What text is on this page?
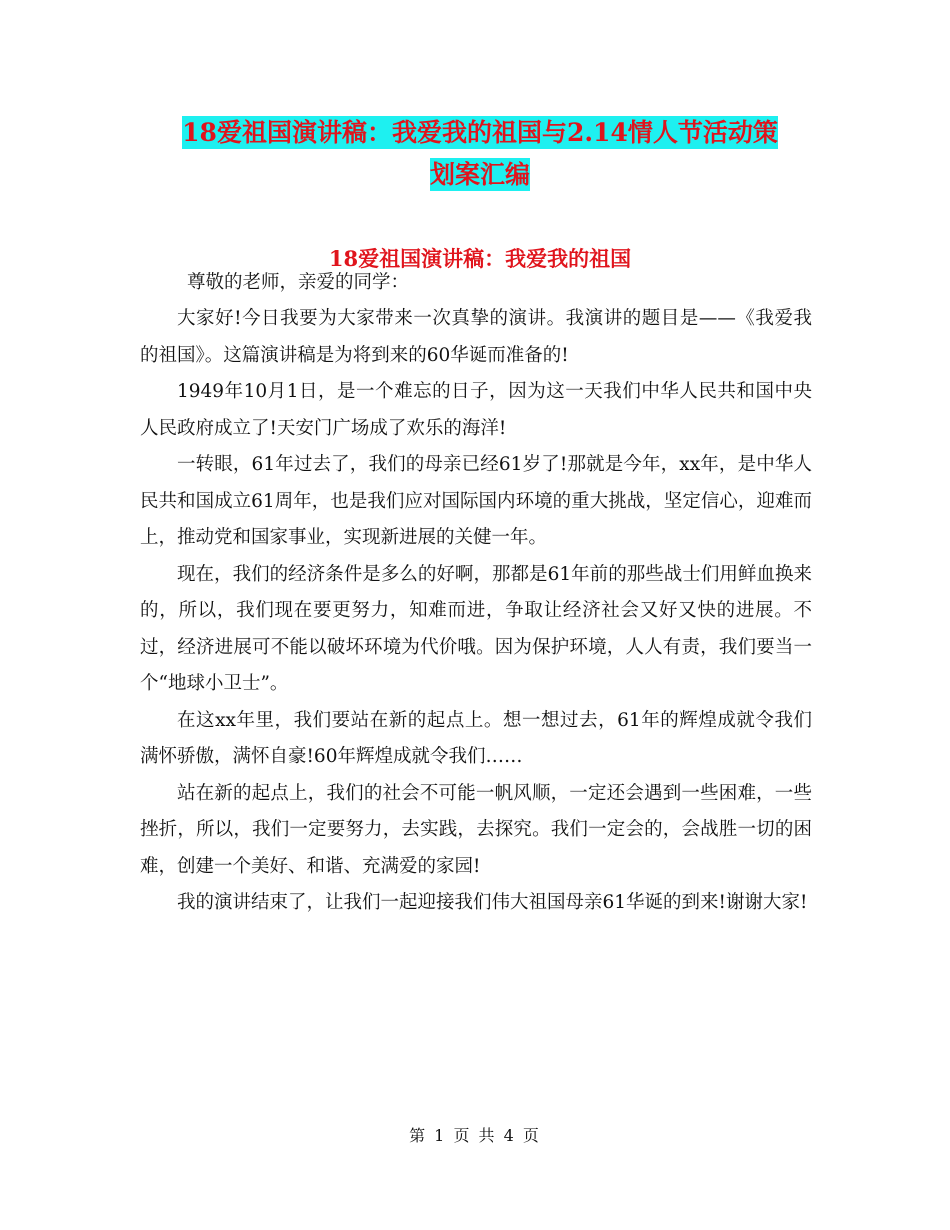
18爱祖国演讲稿：我爱我的祖国与2.14情人节活动策
划案汇编
18爱祖国演讲稿：我爱我的祖国
尊敬的老师，亲爱的同学：

大家好!今日我要为大家带来一次真挚的演讲。我演讲的题目是——《我爱我的祖国》。这篇演讲稿是为将到来的60华诞而准备的!

1949年10月1日，是一个难忘的日子，因为这一天我们中华人民共和国中央人民政府成立了!天安门广场成了欢乐的海洋!

一转眼，61年过去了，我们的母亲已经61岁了!那就是今年，xx年，是中华人民共和国成立61周年，也是我们应对国际国内环境的重大挑战，坚定信心，迎难而上，推动党和国家事业，实现新进展的关健一年。

现在，我们的经济条件是多么的好啊，那都是61年前的那些战士们用鲜血换来的，所以，我们现在要更努力，知难而进，争取让经济社会又好又快的进展。不过，经济进展可不能以破坏环境为代价哦。因为保护环境，人人有责，我们要当一个“地球小卫士”。

在这xx年里，我们要站在新的起点上。想一想过去，61年的辉煌成就令我们满怀骄傲，满怀自豪!60年辉煌成就令我们……

站在新的起点上，我们的社会不可能一帆风顺，一定还会遇到一些困难，一些挫折，所以，我们一定要努力，去实践，去探究。我们一定会的，会战胜一切的困难，创建一个美好、和谐、充满爱的家园!

我的演讲结束了，让我们一起迎接我们伟大祖国母亲61华诞的到来!谢谢大家!

第 1 页 共 4 页
